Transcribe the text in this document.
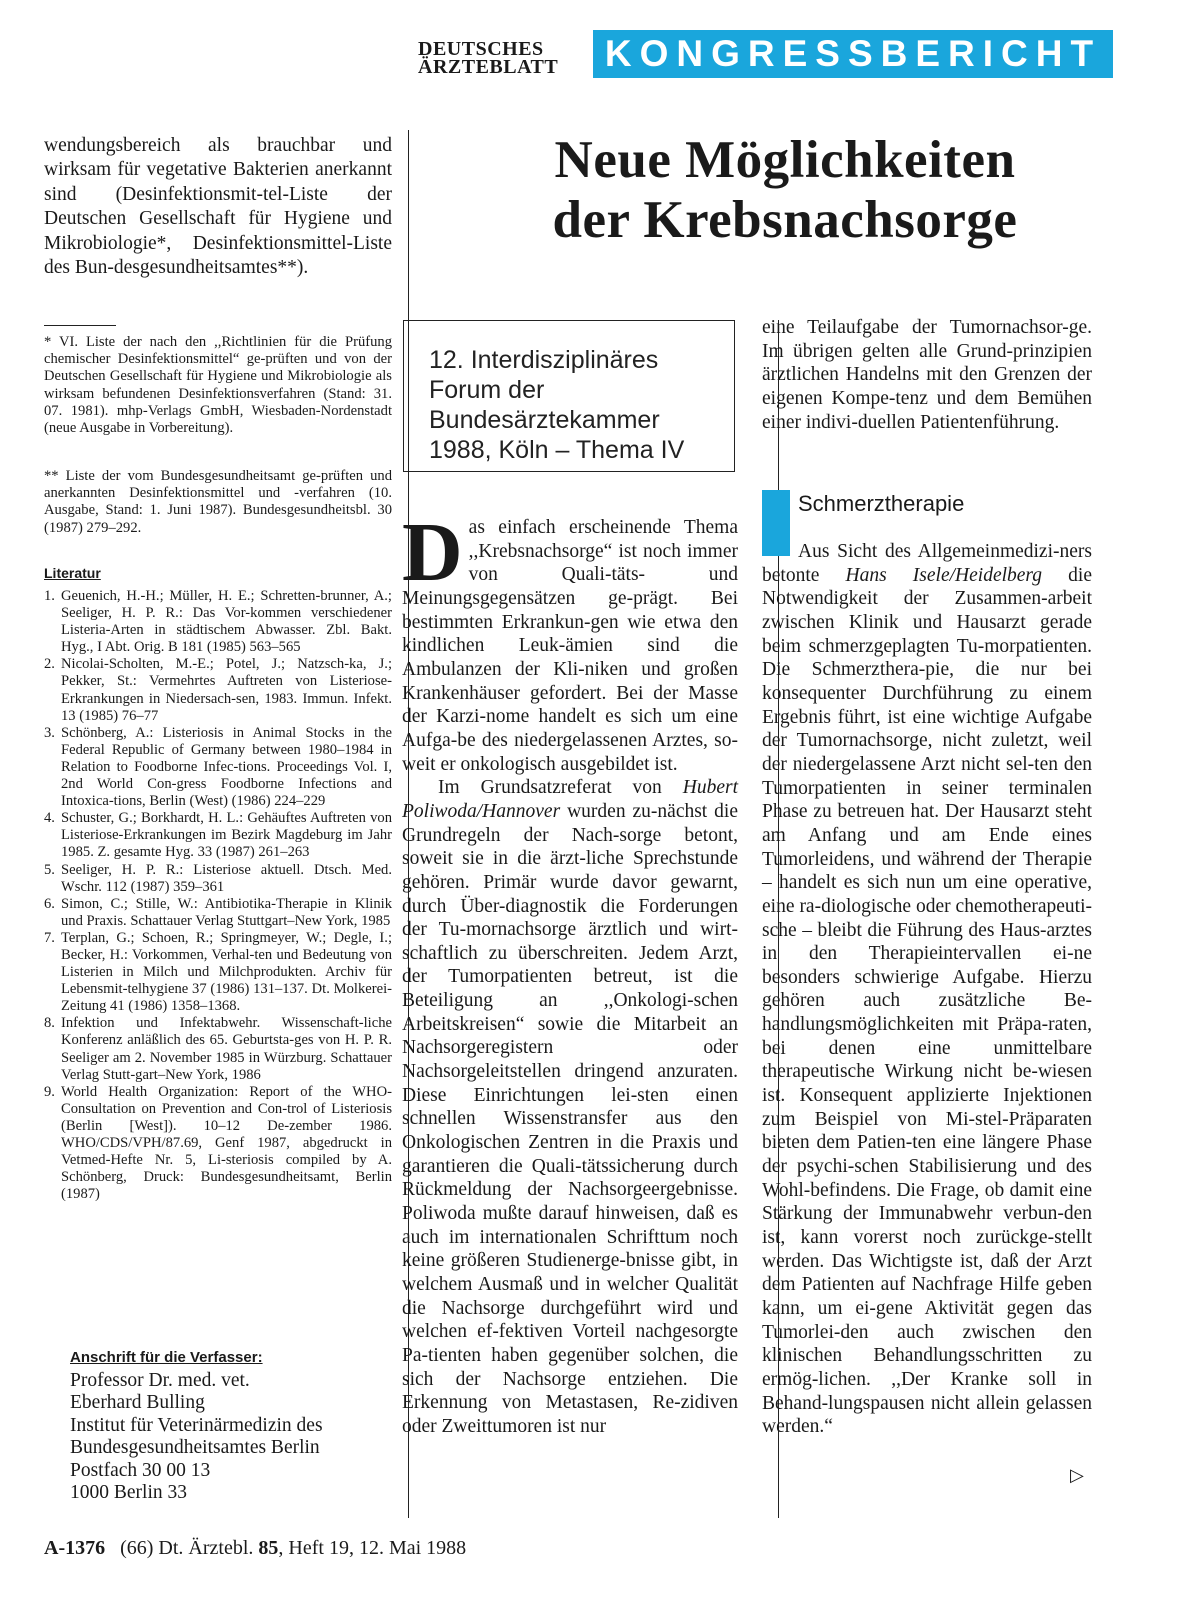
DEUTSCHES
ÄRZTEBLATT	KONGRESSBERICHT
wendungsbereich als brauchbar und wirksam für vegetative Bakterien anerkannt sind (Desinfektionsmit-tel-Liste der Deutschen Gesellschaft für Hygiene und Mikrobiologie*, Desinfektionsmittel-Liste des Bun-desgesundheitsamtes**).
* VI. Liste der nach den ,,Richtlinien für die Prüfung chemischer Desinfektionsmittel“ ge-prüften und von der Deutschen Gesellschaft für Hygiene und Mikrobiologie als wirksam befundenen Desinfektionsverfahren (Stand: 31. 07. 1981). mhp-Verlags GmbH, Wiesbaden-Nordenstadt (neue Ausgabe in Vorbereitung).
** Liste der vom Bundesgesundheitsamt ge-prüften und anerkannten Desinfektionsmittel und -verfahren (10. Ausgabe, Stand: 1. Juni 1987). Bundesgesundheitsbl. 30 (1987) 279–292.
Literatur
1. Geuenich, H.-H.; Müller, H. E.; Schretten-brunner, A.; Seeliger, H. P. R.: Das Vor-kommen verschiedener Listeria-Arten in städtischem Abwasser. Zbl. Bakt. Hyg., I Abt. Orig. B 181 (1985) 563–565
2. Nicolai-Scholten, M.-E.; Potel, J.; Natzsch-ka, J.; Pekker, St.: Vermehrtes Auftreten von Listeriose-Erkrankungen in Niedersach-sen, 1983. Immun. Infekt. 13 (1985) 76–77
3. Schönberg, A.: Listeriosis in Animal Stocks in the Federal Republic of Germany between 1980–1984 in Relation to Foodborne Infec-tions. Proceedings Vol. I, 2nd World Con-gress Foodborne Infections and Intoxica-tions, Berlin (West) (1986) 224–229
4. Schuster, G.; Borkhardt, H. L.: Gehäuftes Auftreten von Listeriose-Erkrankungen im Bezirk Magdeburg im Jahr 1985. Z. gesamte Hyg. 33 (1987) 261–263
5. Seeliger, H. P. R.: Listeriose aktuell. Dtsch. Med. Wschr. 112 (1987) 359–361
6. Simon, C.; Stille, W.: Antibiotika-Therapie in Klinik und Praxis. Schattauer Verlag Stuttgart–New York, 1985
7. Terplan, G.; Schoen, R.; Springmeyer, W.; Degle, I.; Becker, H.: Vorkommen, Verhal-ten und Bedeutung von Listerien in Milch und Milchprodukten. Archiv für Lebensmit-telhygiene 37 (1986) 131–137. Dt. Molkerei-Zeitung 41 (1986) 1358–1368.
8. Infektion und Infektabwehr. Wissenschaft-liche Konferenz anläßlich des 65. Geburtsta-ges von H. P. R. Seeliger am 2. November 1985 in Würzburg. Schattauer Verlag Stutt-gart–New York, 1986
9. World Health Organization: Report of the WHO-Consultation on Prevention and Con-trol of Listeriosis (Berlin [West]). 10–12 De-zember 1986. WHO/CDS/VPH/87.69, Genf 1987, abgedruckt in Vetmed-Hefte Nr. 5, Li-steriosis compiled by A. Schönberg, Druck: Bundesgesundheitsamt, Berlin (1987)
Anschrift für die Verfasser:
Professor Dr. med. vet.
Eberhard Bulling
Institut für Veterinärmedizin des
Bundesgesundheitsamtes Berlin
Postfach 30 00 13
1000 Berlin 33
Neue Möglichkeiten
der Krebsnachsorge
12. Interdisziplinäres
Forum der
Bundesärztekammer
1988, Köln – Thema IV

Das einfach erscheinende Thema ,,Krebsnachsorge“ ist noch immer von Quali-täts- und Meinungsgegensätzen ge-prägt. Bei bestimmten Erkrankun-gen wie etwa den kindlichen Leuk-ämien sind die Ambulanzen der Kli-niken und großen Krankenhäuser gefordert. Bei der Masse der Karzi-nome handelt es sich um eine Aufga-be des niedergelassenen Arztes, so-weit er onkologisch ausgebildet ist.

Im Grundsatzreferat von Hubert Poliwoda/Hannover wurden zu-nächst die Grundregeln der Nach-sorge betont, soweit sie in die ärzt-liche Sprechstunde gehören. Primär wurde davor gewarnt, durch Über-diagnostik die Forderungen der Tu-mornachsorge ärztlich und wirt-schaftlich zu überschreiten. Jedem Arzt, der Tumorpatienten betreut, ist die Beteiligung an ,,Onkologi-schen Arbeitskreisen“ sowie die Mitarbeit an Nachsorgeregistern oder Nachsorgeleitstellen dringend anzuraten. Diese Einrichtungen lei-sten einen schnellen Wissenstransfer aus den Onkologischen Zentren in die Praxis und garantieren die Quali-tätssicherung durch Rückmeldung der Nachsorgeergebnisse. Poliwoda mußte darauf hinweisen, daß es auch im internationalen Schrifttum noch keine größeren Studienerge-bnisse gibt, in welchem Ausmaß und in welcher Qualität die Nachsorge durchgeführt wird und welchen ef-fektiven Vorteil nachgesorgte Pa-tienten haben gegenüber solchen, die sich der Nachsorge entziehen. Die Erkennung von Metastasen, Re-zidiven oder Zweittumoren ist nur

eine Teilaufgabe der Tumornachsor-ge. Im übrigen gelten alle Grund-prinzipien ärztlichen Handelns mit den Grenzen der eigenen Kompe-tenz und dem Bemühen einer indivi-duellen Patientenführung.
Schmerztherapie

Aus Sicht des Allgemeinmedizi-ners betonte Hans Isele/Heidelberg die Notwendigkeit der Zusammen-arbeit zwischen Klinik und Hausarzt gerade beim schmerzgeplagten Tu-morpatienten. Die Schmerzthera-pie, die nur bei konsequenter Durchführung zu einem Ergebnis führt, ist eine wichtige Aufgabe der Tumornachsorge, nicht zuletzt, weil der niedergelassene Arzt nicht sel-ten den Tumorpatienten in seiner terminalen Phase zu betreuen hat. Der Hausarzt steht am Anfang und am Ende eines Tumorleidens, und während der Therapie – handelt es sich nun um eine operative, eine ra-diologische oder chemotherapeuti-sche – bleibt die Führung des Haus-arztes in den Therapieintervallen ei-ne besonders schwierige Aufgabe. Hierzu gehören auch zusätzliche Be-handlungsmöglichkeiten mit Präpa-raten, bei denen eine unmittelbare therapeutische Wirkung nicht be-wiesen ist. Konsequent applizierte Injektionen zum Beispiel von Mi-stel-Präparaten bieten dem Patien-ten eine längere Phase der psychi-schen Stabilisierung und des Wohl-befindens. Die Frage, ob damit eine Stärkung der Immunabwehr verbun-den ist, kann vorerst noch zurückge-stellt werden. Das Wichtigste ist, daß der Arzt dem Patienten auf Nachfrage Hilfe geben kann, um ei-gene Aktivität gegen das Tumorlei-den auch zwischen den klinischen Behandlungsschritten zu ermög-lichen. ,,Der Kranke soll in Behand-lungspausen nicht allein gelassen werden.“

▷
A-1376 (66) Dt. Ärztebl. 85, Heft 19, 12. Mai 1988
